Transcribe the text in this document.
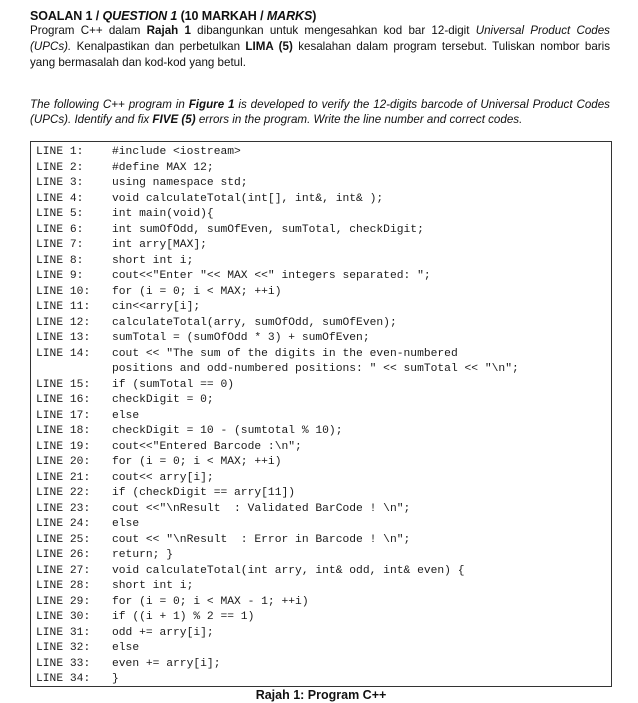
SOALAN 1 / QUESTION 1 (10 MARKAH / MARKS)
Program C++ dalam Rajah 1 dibangunkan untuk mengesahkan kod bar 12-digit Universal Product Codes (UPCs). Kenalpastikan dan perbetulkan LIMA (5) kesalahan dalam program tersebut. Tuliskan nombor baris yang bermasalah dan kod-kod yang betul.
The following C++ program in Figure 1 is developed to verify the 12-digits barcode of Universal Product Codes (UPCs). Identify and fix FIVE (5) errors in the program. Write the line number and correct codes.
LINE 1:	#include <iostream>
LINE 2:	#define MAX 12;
LINE 3:	using namespace std;
LINE 4:	void calculateTotal(int[], int&, int& );
LINE 5:	int main(void){
LINE 6:	int sumOfOdd, sumOfEven, sumTotal, checkDigit;
LINE 7:	int arry[MAX];
LINE 8:	short int i;
LINE 9:	cout<<"Enter "<< MAX <<" integers separated: ";
LINE 10: for (i = 0; i < MAX; ++i)
LINE 11: cin<<arry[i];
LINE 12: calculateTotal(arry, sumOfOdd, sumOfEven);
LINE 13: sumTotal = (sumOfOdd * 3) + sumOfEven;
LINE 14: cout << "The sum of the digits in the even-numbered
positions and odd-numbered positions: " << sumTotal << "\n";
LINE 15: if (sumTotal == 0)
LINE 16: checkDigit = 0;
LINE 17: else
LINE 18: checkDigit = 10 - (sumtotal % 10);
LINE 19: cout<<"Entered Barcode :\n";
LINE 20: for (i = 0; i < MAX; ++i)
LINE 21: cout<< arry[i];
LINE 22: if (checkDigit == arry[11])
LINE 23: cout <<"\nResult  : Validated BarCode ! \n";
LINE 24: else
LINE 25: cout << "\nResult  : Error in Barcode ! \n";
LINE 26: return; }
LINE 27: void calculateTotal(int arry, int& odd, int& even) {
LINE 28: short int i;
LINE 29: for (i = 0; i < MAX - 1; ++i)
LINE 30: if ((i + 1) % 2 == 1)
LINE 31: odd += arry[i];
LINE 32: else
LINE 33: even += arry[i];
LINE 34: }
Rajah 1: Program C++
